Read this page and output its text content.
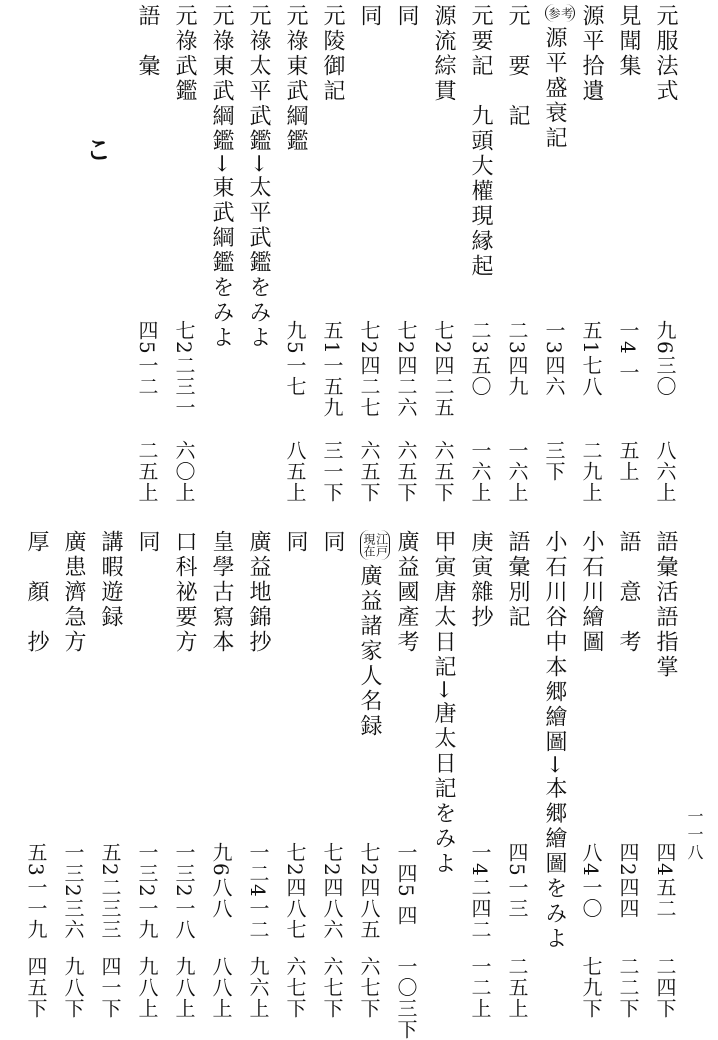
一一八
こ
元服法式
九6三〇
八六上
見聞集
一4 一
五上
源平拾遺
五1七八
二九上
考
参
源平盛衰記
一3四六
三下
元　要　記
二3四九
一六上
元要記　九頭大權現縁起
二3五〇
一六上
源流綜貫
七2四二五
六五下
同
七2四二六
六五下
同
七2四二七
六五下
元陵御記
五1一五九
三一下
元祿東武綱鑑
九5一七
八五上
元祿太平武鑑→太平武鑑をみよ
元祿東武綱鑑→東武綱鑑をみよ
元祿武鑑
七2二三一
六〇上
語　彙
四5一二
二五上
語彙活語指掌
四4五二
二四下
語　意　考
四2四四
二二下
小石川繪圖
八4一〇
七九下
小石川谷中本郷繪圖→本郷繪圖をみよ
語彙別記
四5一三
二五上
庚寅雜抄
一4二四二
一二上
甲寅唐太日記→唐太日記をみよ
廣益國產考
一四5 四
一〇三下
江戸
現在
廣益諸家人名録
七2四八五
六七下
同
七2四八六
六七下
同
七2四八七
六七下
廣益地錦抄
一二4一二
九六上
皇學古寫本
九6八八
八八上
口科祕要方
一三2一八
九八上
同
一三2一九
九八上
講暇遊録
五2二三三
四一下
廣患濟急方
一三2三六
九八下
厚　顏　抄
五3一一九
四五下
